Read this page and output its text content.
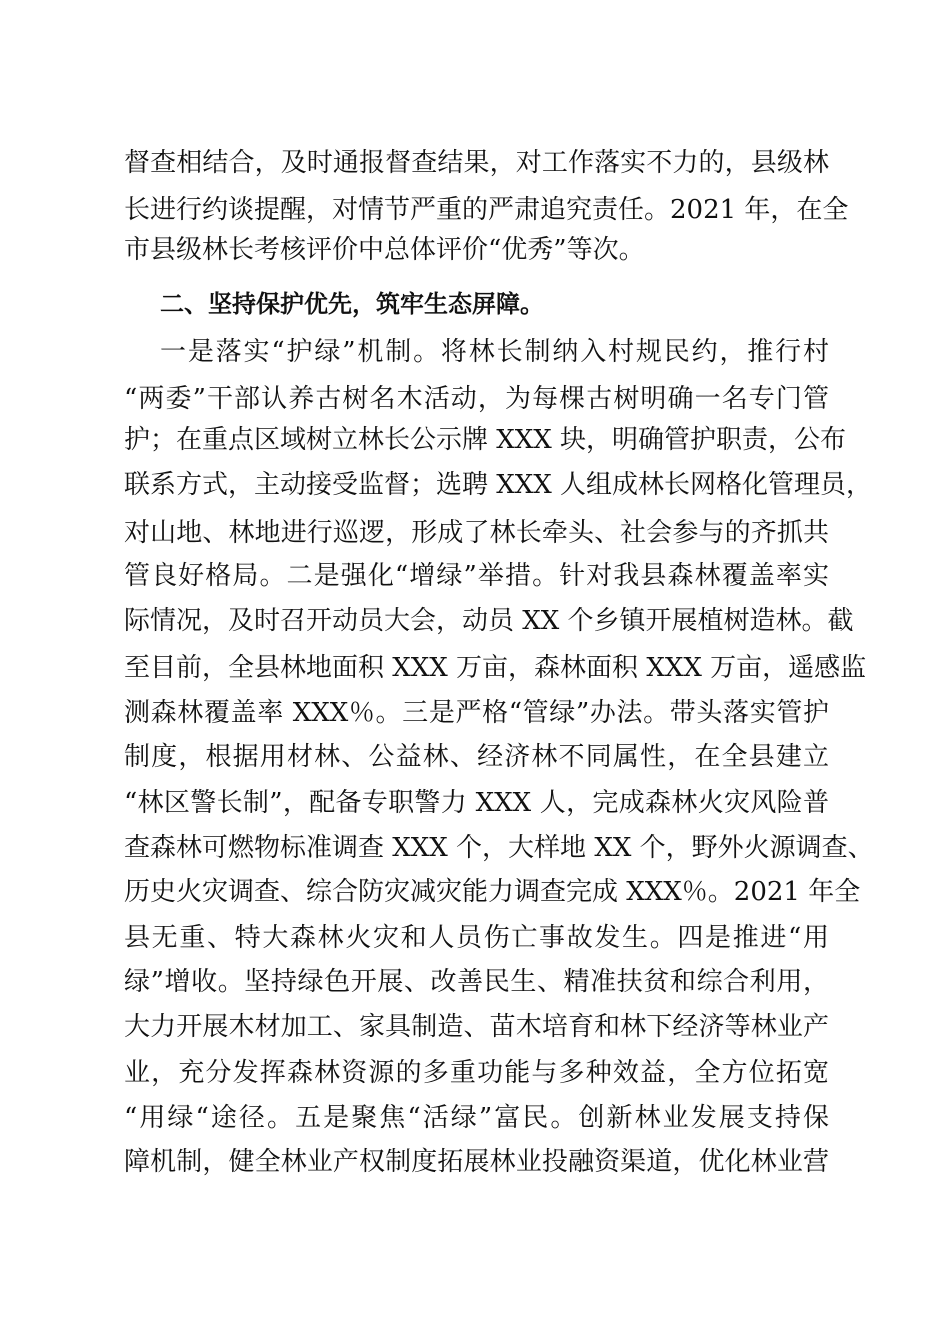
督查相结合，及时通报督查结果，对工作落实不力的，县级林
长进行约谈提醒，对情节严重的严肃追究责任。2021 年，在全
市县级林长考核评价中总体评价“优秀”等次。
二、坚持保护优先，筑牢生态屏障。
一是落实“护绿”机制。将林长制纳入村规民约，推行村
“两委”干部认养古树名木活动，为每棵古树明确一名专门管
护；在重点区域树立林长公示牌 XXX 块，明确管护职责，公布
联系方式，主动接受监督；选聘 XXX 人组成林长网格化管理员，
对山地、林地进行巡逻，形成了林长牵头、社会参与的齐抓共
管良好格局。二是强化“增绿”举措。针对我县森林覆盖率实
际情况，及时召开动员大会，动员 XX 个乡镇开展植树造林。截
至目前，全县林地面积 XXX 万亩，森林面积 XXX 万亩，遥感监
测森林覆盖率 XXX％。三是严格“管绿”办法。带头落实管护
制度，根据用材林、公益林、经济林不同属性，在全县建立
“林区警长制”，配备专职警力 XXX 人，完成森林火灾风险普
查森林可燃物标准调查 XXX 个，大样地 XX 个，野外火源调查、
历史火灾调查、综合防灾减灾能力调查完成 XXX％。2021 年全
县无重、特大森林火灾和人员伤亡事故发生。四是推进“用
绿”增收。坚持绿色开展、改善民生、精准扶贫和综合利用，
大力开展木材加工、家具制造、苗木培育和林下经济等林业产
业，充分发挥森林资源的多重功能与多种效益，全方位拓宽
“用绿“途径。五是聚焦“活绿”富民。创新林业发展支持保
障机制，健全林业产权制度拓展林业投融资渠道，优化林业营
